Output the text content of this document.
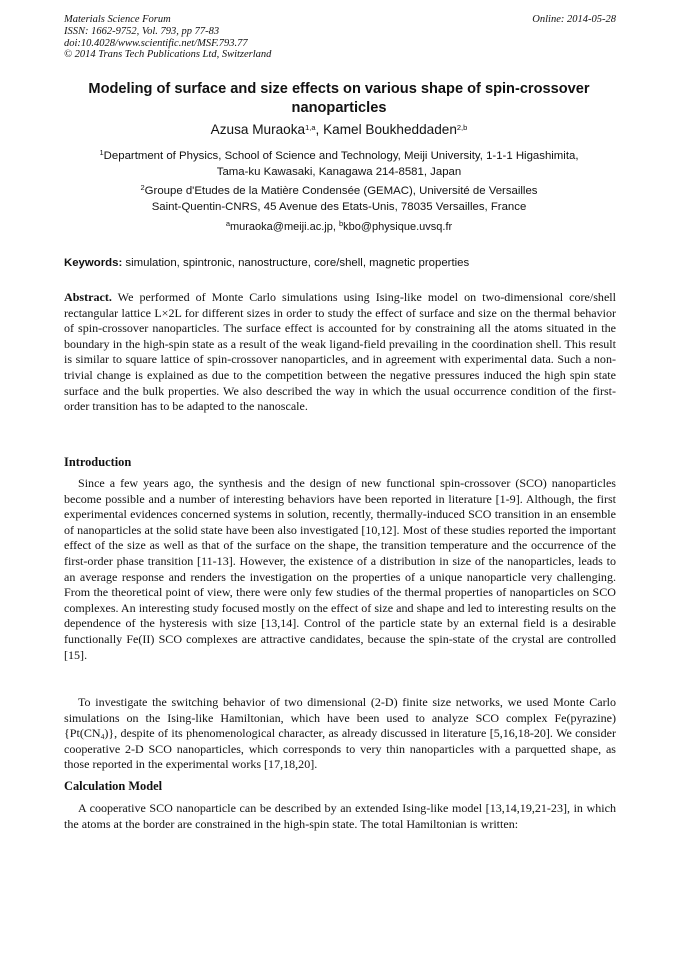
Materials Science Forum
ISSN: 1662-9752, Vol. 793, pp 77-83
doi:10.4028/www.scientific.net/MSF.793.77
© 2014 Trans Tech Publications Ltd, Switzerland
Online: 2014-05-28
Modeling of surface and size effects on various shape of spin-crossover nanoparticles
Azusa Muraoka$^{1,a}$, Kamel Boukheddaden$^{2,b}$
$^1$Department of Physics, School of Science and Technology, Meiji University, 1-1-1 Higashimita,
Tama-ku Kawasaki, Kanagawa 214-8581, Japan
$^2$Groupe d'Etudes de la Matière Condensée (GEMAC), Université de Versailles
Saint-Quentin-CNRS, 45 Avenue des Etats-Unis, 78035 Versailles, France
$^a$muraoka@meiji.ac.jp, $^b$kbo@physique.uvsq.fr
Keywords: simulation, spintronic, nanostructure, core/shell, magnetic properties

Abstract. We performed of Monte Carlo simulations using Ising-like model on two-dimensional core/shell rectangular lattice L×2L for different sizes in order to study the effect of surface and size on the thermal behavior of spin-crossover nanoparticles. The surface effect is accounted for by constraining all the atoms situated in the boundary in the high-spin state as a result of the weak ligand-field prevailing in the coordination shell. This result is similar to square lattice of spin-crossover nanoparticles, and in agreement with experimental data. Such a non-trivial change is explained as due to the competition between the negative pressures induced the high spin state surface and the bulk properties. We also described the way in which the usual occurrence condition of the first-order transition has to be adapted to the nanoscale.

Introduction

Since a few years ago, the synthesis and the design of new functional spin-crossover (SCO) nanoparticles become possible and a number of interesting behaviors have been reported in literature [1-9]. Although, the first experimental evidences concerned systems in solution, recently, thermally-induced SCO transition in an ensemble of nanoparticles at the solid state have been also investigated [10,12]. Most of these studies reported the important effect of the size as well as that of the surface on the shape, the transition temperature and the occurrence of the first-order phase transition [11-13]. However, the existence of a distribution in size of the nanoparticles, leads to an average response and renders the investigation on the properties of a unique nanoparticle very challenging. From the theoretical point of view, there were only few studies of the thermal properties of nanoparticles on SCO complexes. An interesting study focused mostly on the effect of size and shape and led to interesting results on the dependence of the hysteresis with size [13,14]. Control of the particle state by an external field is a desirable functionally Fe(II) SCO complexes are attractive candidates, because the spin-state of the crystal are controlled [15].

To investigate the switching behavior of two dimensional (2-D) finite size networks, we used Monte Carlo simulations on the Ising-like Hamiltonian, which have been used to analyze SCO complex $Fe(pyrazine)\{Pt(CN_4)\}$, despite of its phenomenological character, as already discussed in literature [5,16,18-20]. We consider cooperative 2-D SCO nanoparticles, which corresponds to very thin nanoparticles with a parquetted shape, as those reported in the experimental works [17,18,20].

Calculation Model

A cooperative SCO nanoparticle can be described by an extended Ising-like model [13,14,19,21-23], in which the atoms at the border are constrained in the high-spin state. The total Hamiltonian is written:
